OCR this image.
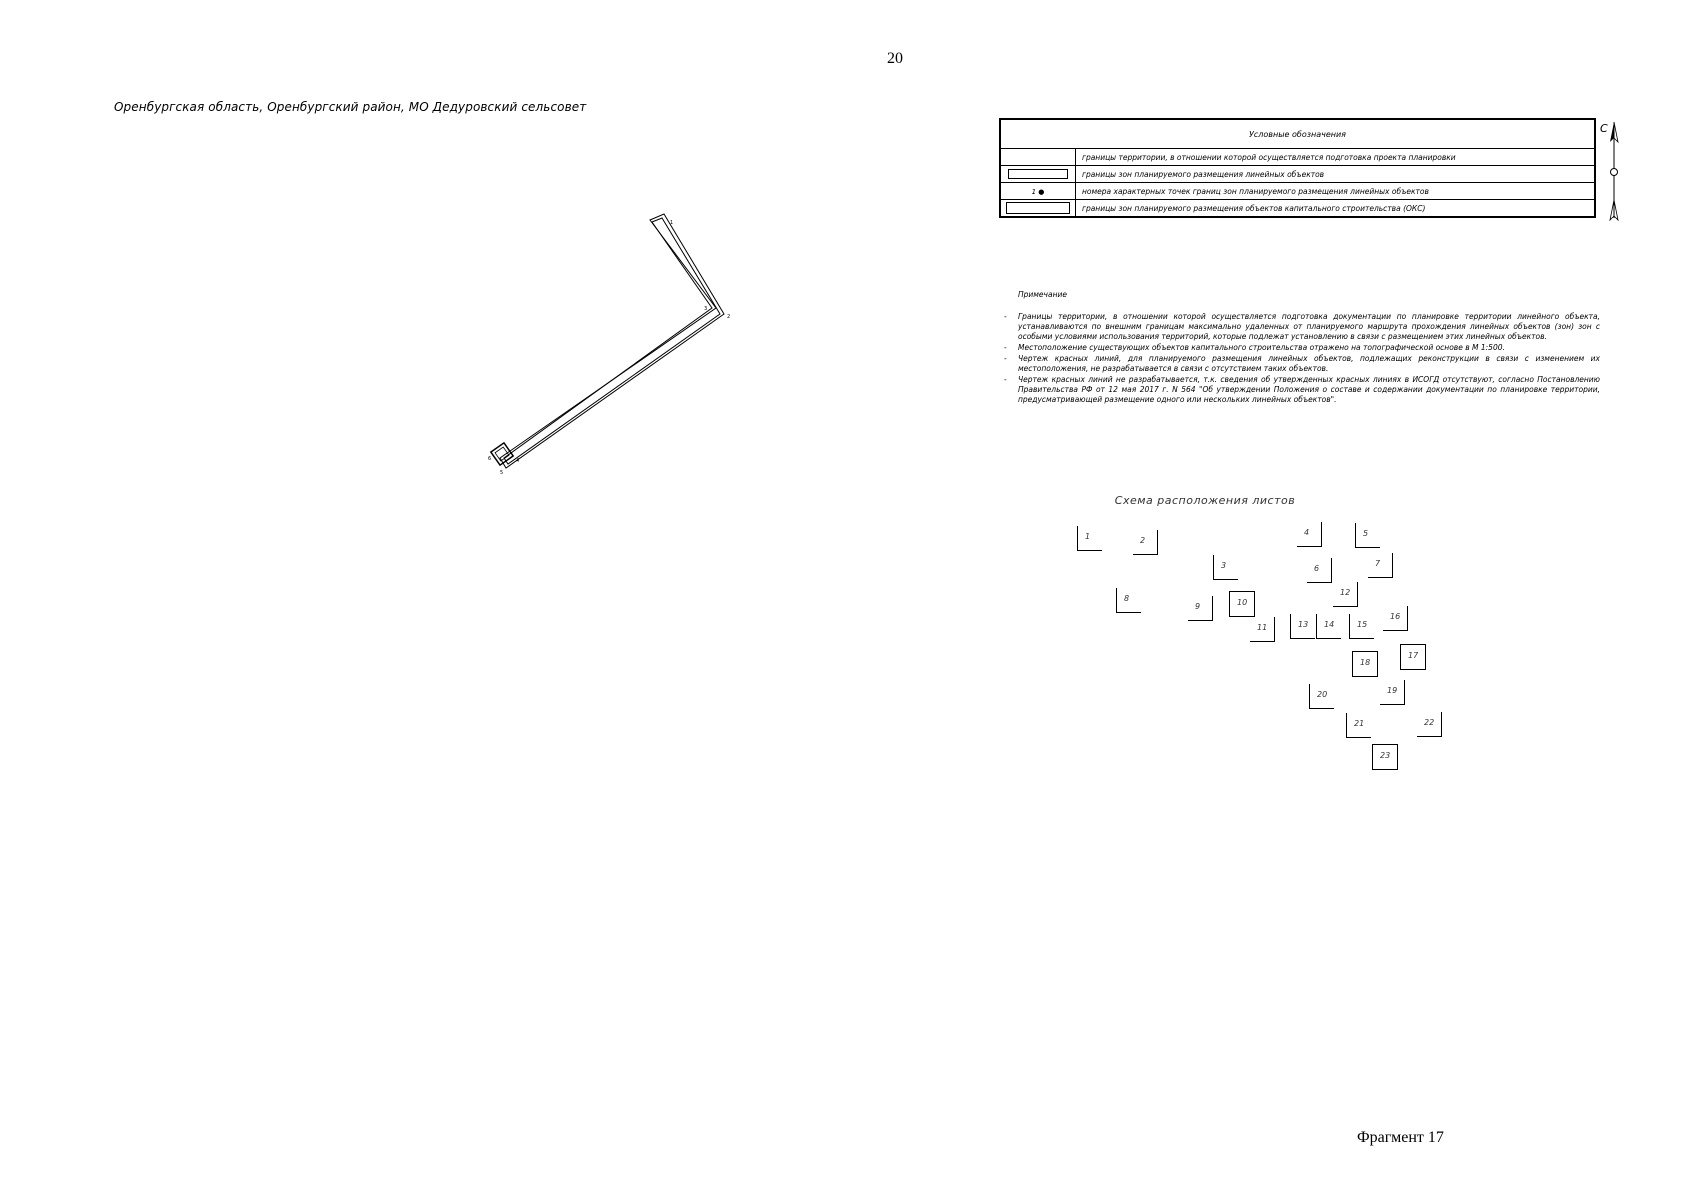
20
Оренбургская область, Оренбургский район, МО Дедуровский сельсовет
1
2
3
4
5
6
Условные обозначения	
	границы территории, в отношении которой осуществляется подготовка проекта планировки
	границы зон планируемого размещения линейных объектов
1 ●	номера характерных точек границ зон планируемого размещения линейных объектов
	границы зон планируемого размещения объектов капитального строительства (ОКС)
С
Примечание
- Границы территории, в отношении которой осуществляется подготовка документации по планировке территории линейного объекта, устанавливаются по внешним границам максимально удаленных от планируемого маршрута прохождения линейных объектов (зон) зон с особыми условиями использования территорий, которые подлежат установлению в связи с размещением этих линейных объектов.
- Местоположение существующих объектов капитального строительства отражено на топографической основе в М 1:500.
- Чертеж красных линий, для планируемого размещения линейных объектов, подлежащих реконструкции в связи с изменением их местоположения, не разрабатывается в связи с отсутствием таких объектов.
- Чертеж красных линий не разрабатывается, т.к. сведения об утвержденных красных линиях в ИСОГД отсутствуют, согласно Постановлению Правительства РФ от 12 мая 2017 г. N 564 "Об утверждении Положения о составе и содержании документации по планировке территории, предусматривающей размещение одного или нескольких линейных объектов".
Схема расположения листов
1	2
3
4	5
6
7
8
9	10
11
12
13 14	15
16
17
18
19
20
21	22
23
Фрагмент 17
